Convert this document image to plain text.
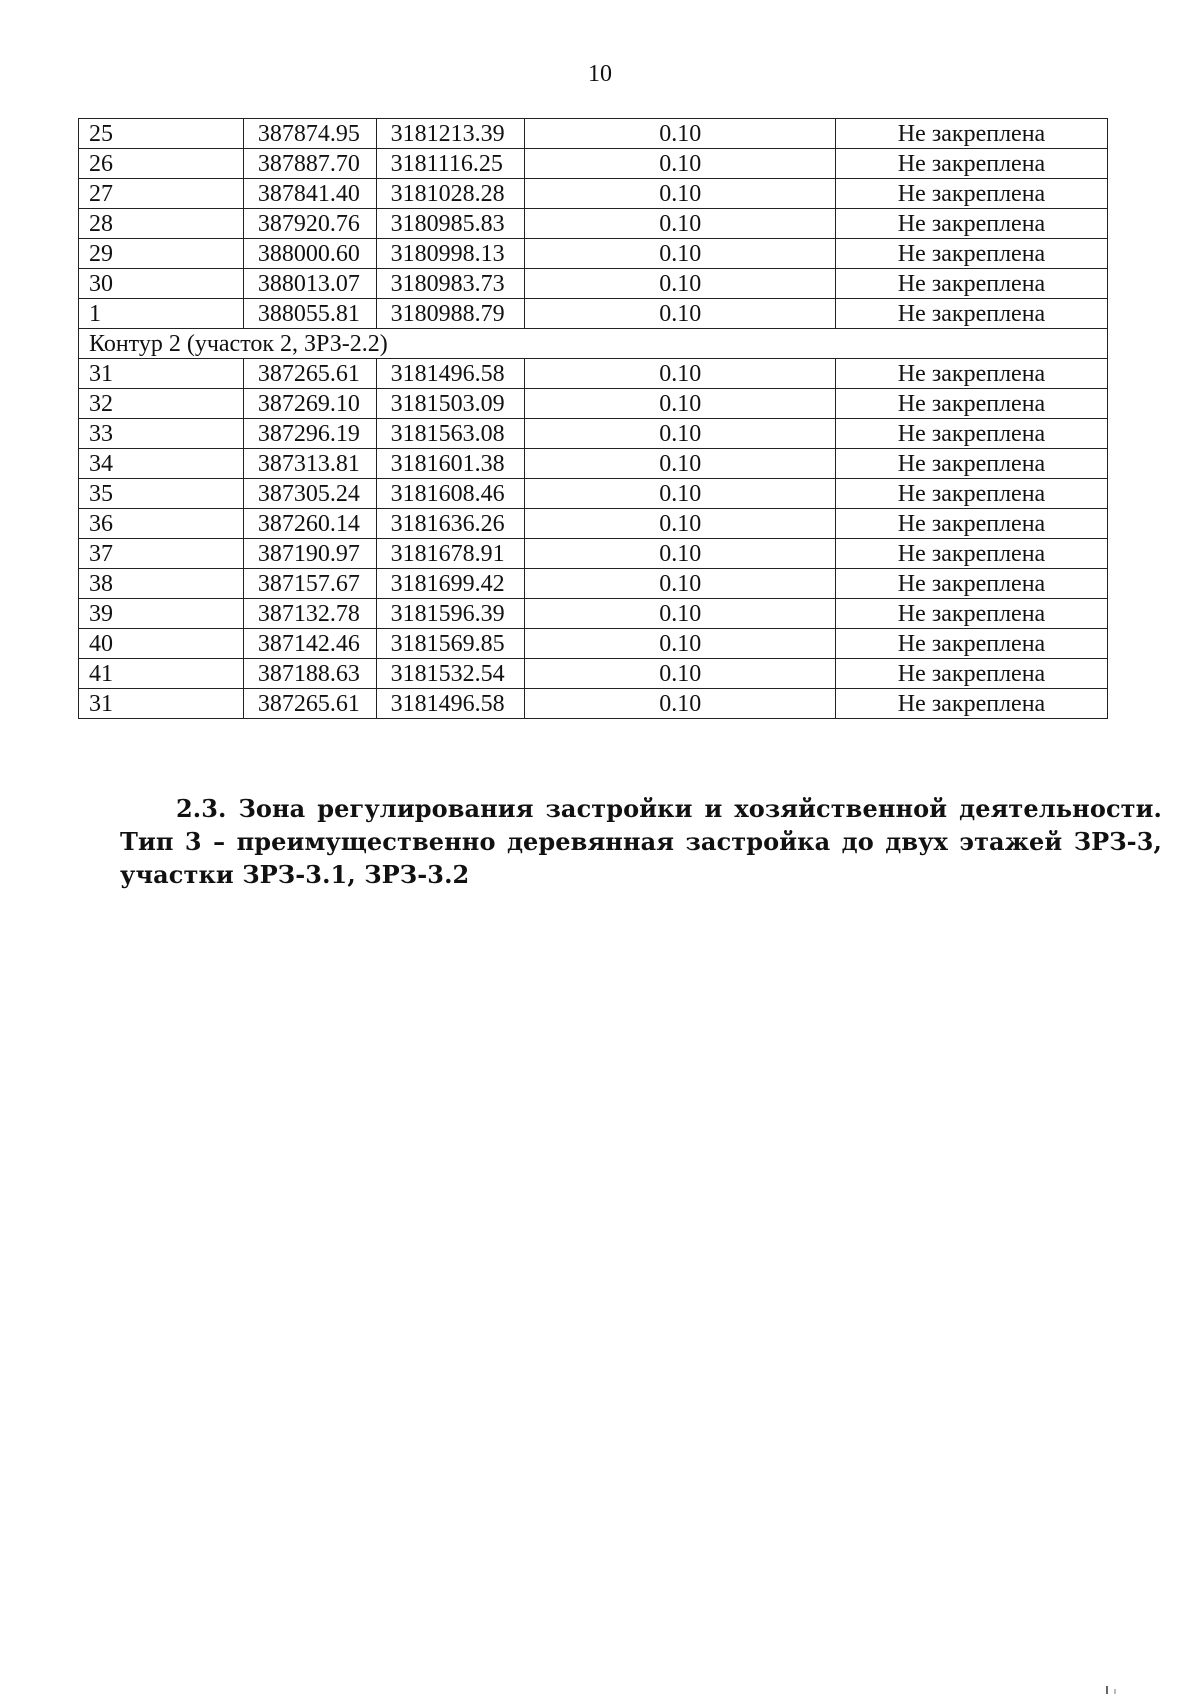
10
25	387874.95	3181213.39	0.10	Не закреплена
26	387887.70	3181116.25	0.10	Не закреплена
27	387841.40	3181028.28	0.10	Не закреплена
28	387920.76	3180985.83	0.10	Не закреплена
29	388000.60	3180998.13	0.10	Не закреплена
30	388013.07	3180983.73	0.10	Не закреплена
1	388055.81	3180988.79	0.10	Не закреплена
Контур 2 (участок 2, ЗРЗ-2.2)				
31	387265.61	3181496.58	0.10	Не закреплена
32	387269.10	3181503.09	0.10	Не закреплена
33	387296.19	3181563.08	0.10	Не закреплена
34	387313.81	3181601.38	0.10	Не закреплена
35	387305.24	3181608.46	0.10	Не закреплена
36	387260.14	3181636.26	0.10	Не закреплена
37	387190.97	3181678.91	0.10	Не закреплена
38	387157.67	3181699.42	0.10	Не закреплена
39	387132.78	3181596.39	0.10	Не закреплена
40	387142.46	3181569.85	0.10	Не закреплена
41	387188.63	3181532.54	0.10	Не закреплена
31	387265.61	3181496.58	0.10	Не закреплена
2.3. Зона регулирования застройки и хозяйственной деятельности. Тип 3 – преимущественно деревянная застройка до двух этажей ЗРЗ-3, участки ЗРЗ-3.1, ЗРЗ-3.2
